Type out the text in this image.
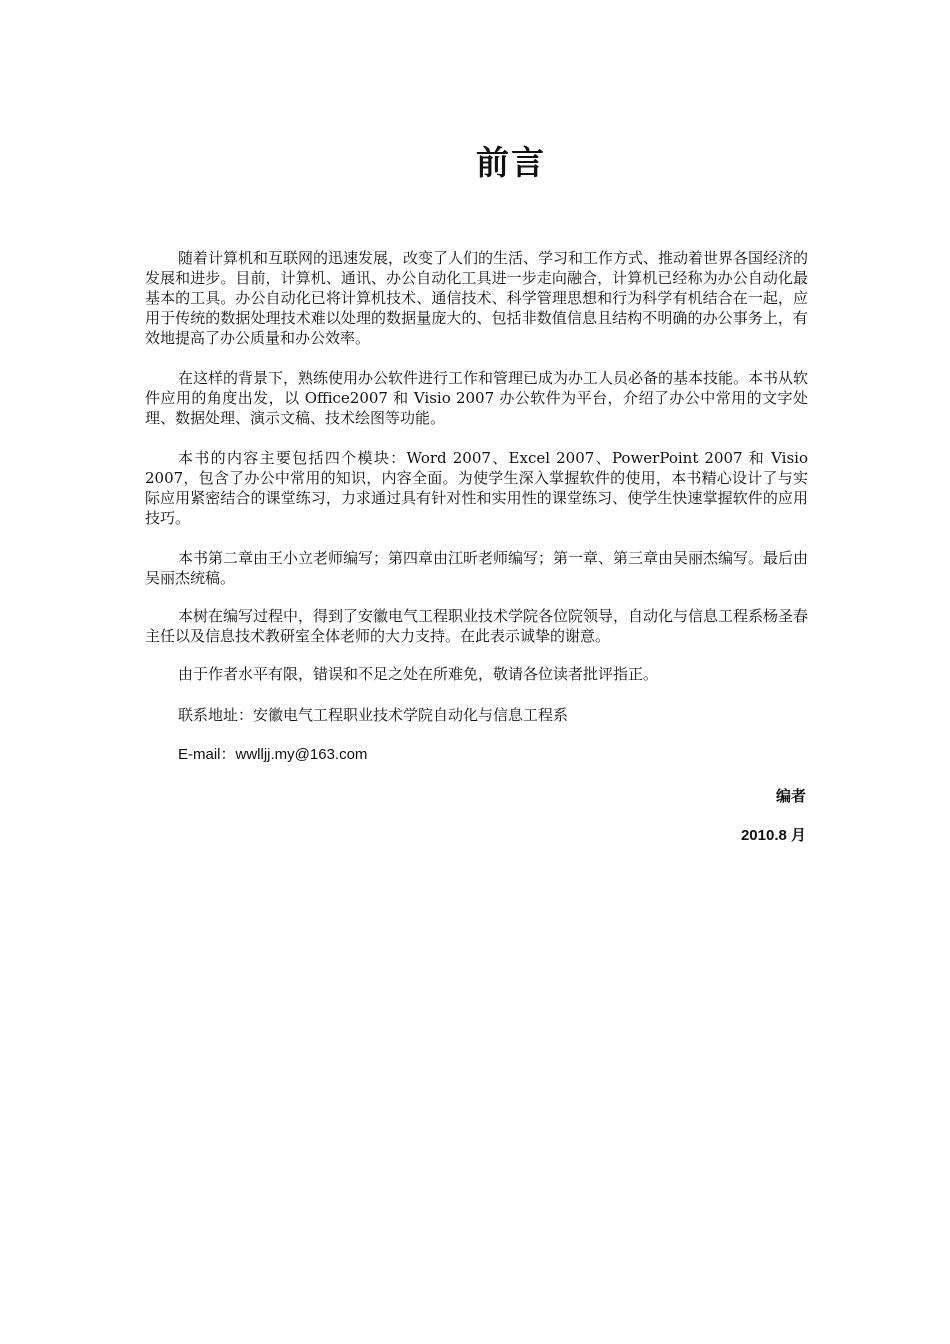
前言

随着计算机和互联网的迅速发展，改变了人们的生活、学习和工作方式、推动着世界各国经济的发展和进步。目前，计算机、通讯、办公自动化工具进一步走向融合，计算机已经称为办公自动化最基本的工具。办公自动化已将计算机技术、通信技术、科学管理思想和行为科学有机结合在一起，应用于传统的数据处理技术难以处理的数据量庞大的、包括非数值信息且结构不明确的办公事务上，有效地提高了办公质量和办公效率。

在这样的背景下，熟练使用办公软件进行工作和管理已成为办工人员必备的基本技能。本书从软件应用的角度出发，以 Office2007 和 Visio 2007 办公软件为平台，介绍了办公中常用的文字处理、数据处理、演示文稿、技术绘图等功能。

本书的内容主要包括四个模块：Word 2007、Excel 2007、PowerPoint 2007 和 Visio 2007，包含了办公中常用的知识，内容全面。为使学生深入掌握软件的使用，本书精心设计了与实际应用紧密结合的课堂练习，力求通过具有针对性和实用性的课堂练习、使学生快速掌握软件的应用技巧。

本书第二章由王小立老师编写；第四章由江昕老师编写；第一章、第三章由吴丽杰编写。最后由吴丽杰统稿。

本树在编写过程中，得到了安徽电气工程职业技术学院各位院领导，自动化与信息工程系杨圣春主任以及信息技术教研室全体老师的大力支持。在此表示诚挚的谢意。

由于作者水平有限，错误和不足之处在所难免，敬请各位读者批评指正。

联系地址：安徽电气工程职业技术学院自动化与信息工程系

E-mail：wwlljj.my@163.com

编者
2010.8 月
